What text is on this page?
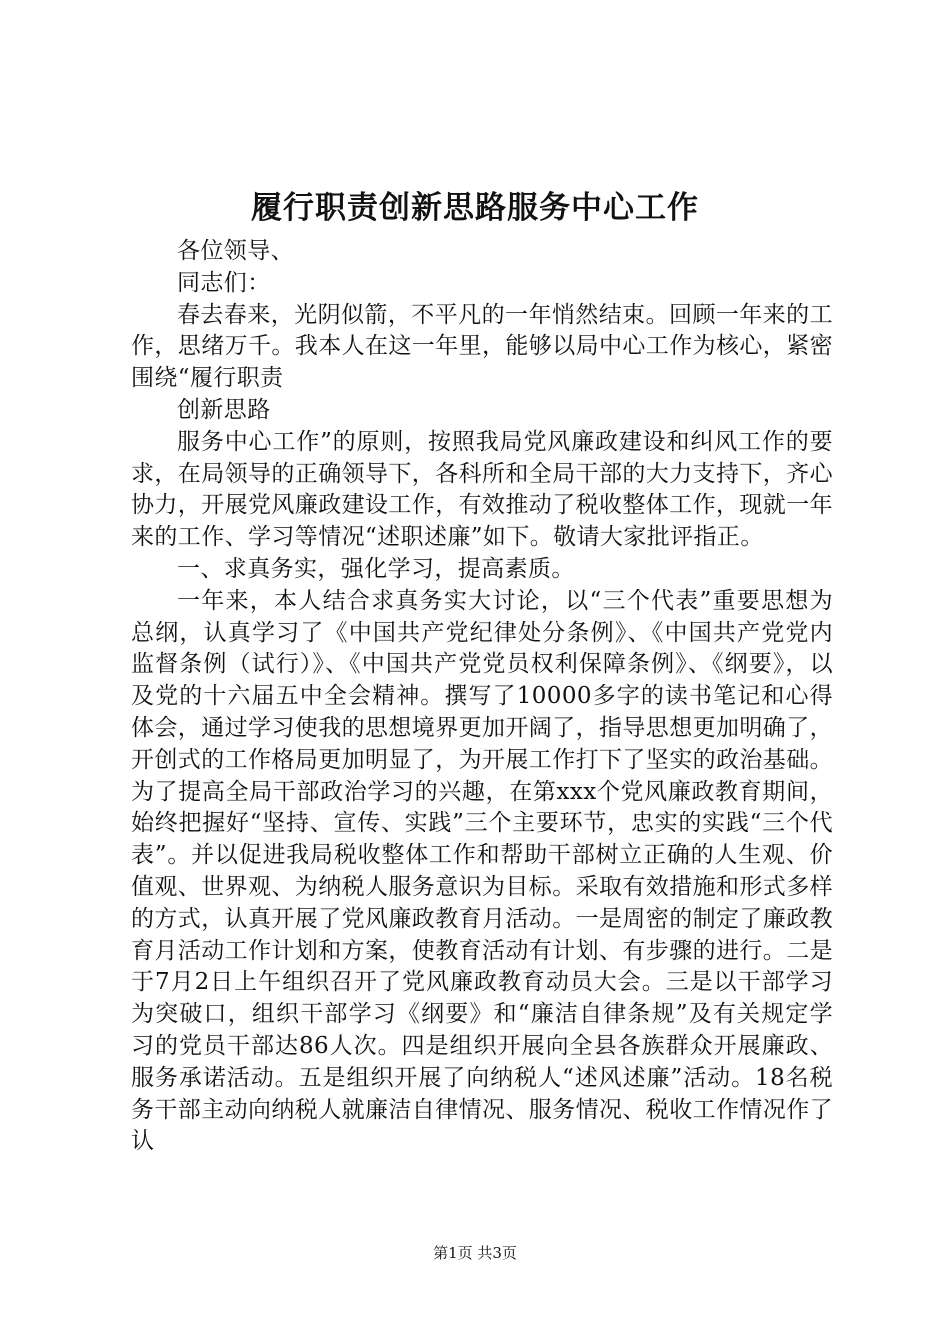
履行职责创新思路服务中心工作

各位领导、

同志们：

春去春来，光阴似箭，不平凡的一年悄然结束。回顾一年来的工作，思绪万千。我本人在这一年里，能够以局中心工作为核心，紧密围绕“履行职责

创新思路

服务中心工作”的原则，按照我局党风廉政建设和纠风工作的要求，在局领导的正确领导下，各科所和全局干部的大力支持下，齐心协力，开展党风廉政建设工作，有效推动了税收整体工作，现就一年来的工作、学习等情况“述职述廉”如下。敬请大家批评指正。

一、求真务实，强化学习，提高素质。

一年来，本人结合求真务实大讨论，以“三个代表”重要思想为总纲，认真学习了《中国共产党纪律处分条例》、《中国共产党党内监督条例（试行）》、《中国共产党党员权利保障条例》、《纲要》，以及党的十六届五中全会精神。撰写了10000多字的读书笔记和心得体会，通过学习使我的思想境界更加开阔了，指导思想更加明确了，开创式的工作格局更加明显了，为开展工作打下了坚实的政治基础。为了提高全局干部政治学习的兴趣，在第xxx个党风廉政教育期间，始终把握好“坚持、宣传、实践”三个主要环节，忠实的实践“三个代表”。并以促进我局税收整体工作和帮助干部树立正确的人生观、价值观、世界观、为纳税人服务意识为目标。采取有效措施和形式多样的方式，认真开展了党风廉政教育月活动。一是周密的制定了廉政教育月活动工作计划和方案，使教育活动有计划、有步骤的进行。二是于7月2日上午组织召开了党风廉政教育动员大会。三是以干部学习为突破口，组织干部学习《纲要》和“廉洁自律条规”及有关规定学习的党员干部达86人次。四是组织开展向全县各族群众开展廉政、服务承诺活动。五是组织开展了向纳税人“述风述廉”活动。18名税务干部主动向纳税人就廉洁自律情况、服务情况、税收工作情况作了认

第1页 共3页
